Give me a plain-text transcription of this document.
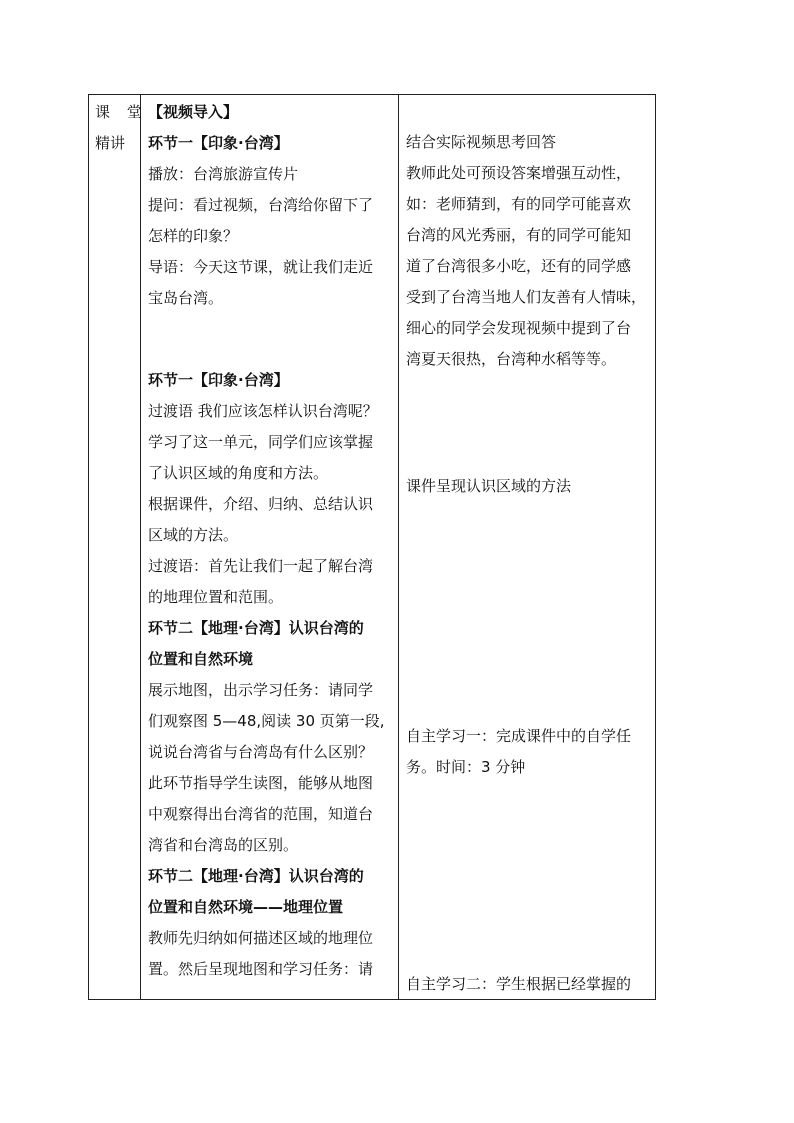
课 堂
精讲
【视频导入】
环节一【印象·台湾】
播放：台湾旅游宣传片
提问：看过视频，台湾给你留下了
怎样的印象？
导语：今天这节课，就让我们走近
宝岛台湾。
环节一【印象·台湾】
过渡语 我们应该怎样认识台湾呢？
学习了这一单元，同学们应该掌握
了认识区域的角度和方法。
根据课件，介绍、归纳、总结认识
区域的方法。
过渡语：首先让我们一起了解台湾
的地理位置和范围。
环节二【地理·台湾】认识台湾的
位置和自然环境
展示地图，出示学习任务：请同学
们观察图 5—48,阅读 30 页第一段,
说说台湾省与台湾岛有什么区别？
此环节指导学生读图，能够从地图
中观察得出台湾省的范围，知道台
湾省和台湾岛的区别。
环节二【地理·台湾】认识台湾的
位置和自然环境——地理位置
教师先归纳如何描述区域的地理位
置。然后呈现地图和学习任务：请
结合实际视频思考回答
教师此处可预设答案增强互动性，
如：老师猜到，有的同学可能喜欢
台湾的风光秀丽，有的同学可能知
道了台湾很多小吃，还有的同学感
受到了台湾当地人们友善有人情味，
细心的同学会发现视频中提到了台
湾夏天很热，台湾种水稻等等。
课件呈现认识区域的方法
自主学习一：完成课件中的自学任
务。时间：3 分钟
自主学习二：学生根据已经掌握的
